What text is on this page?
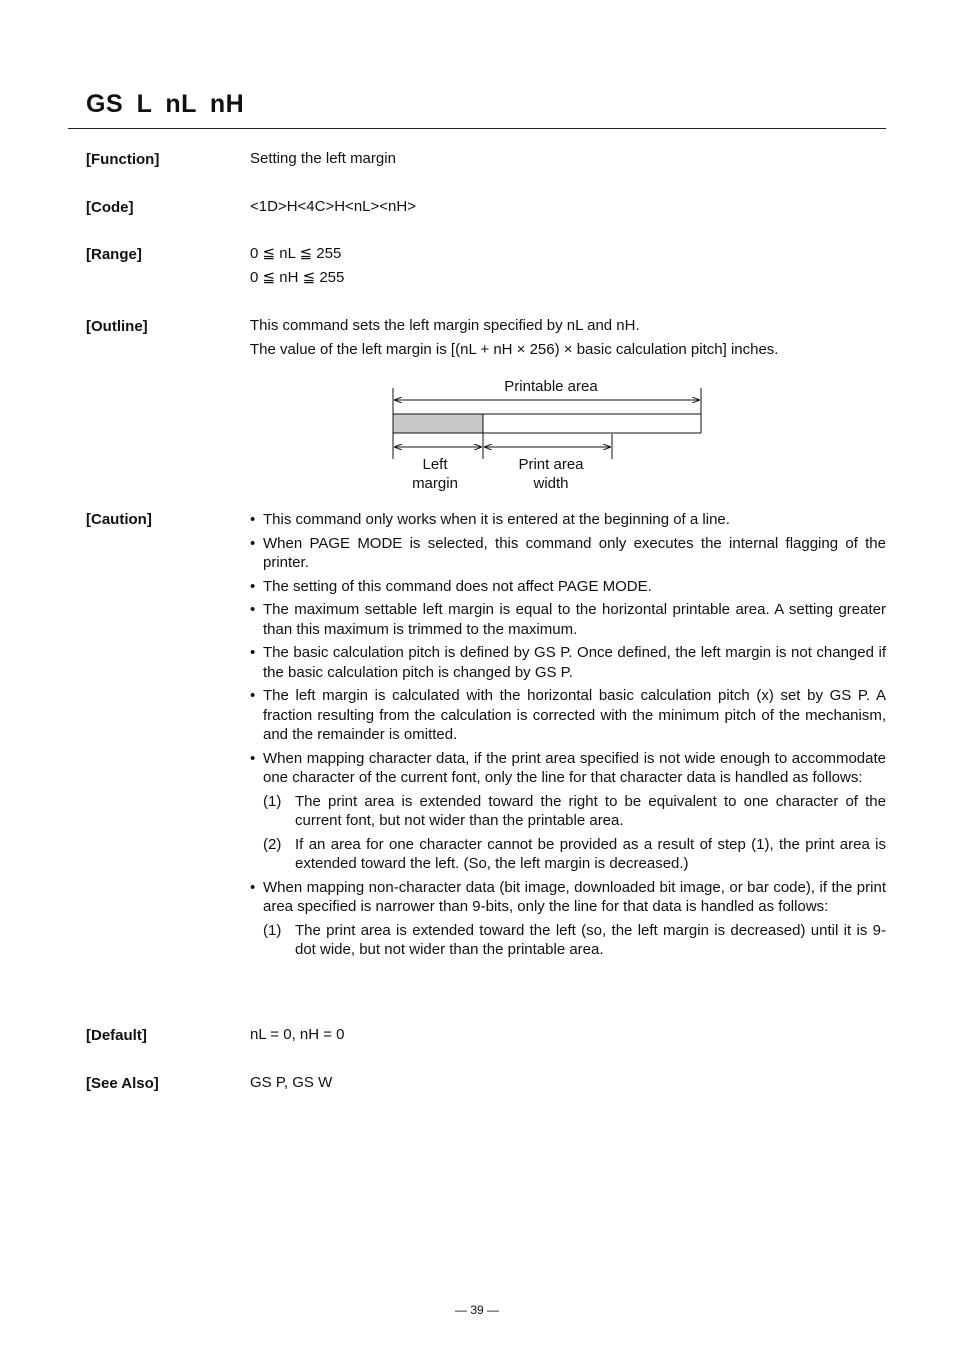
GS L nL nH
[Function]	Setting the left margin
[Code]	<1D>H<4C>H<nL><nH>
[Range]	0 ≦ nL ≦ 255
0 ≦ nH ≦ 255
[Outline]	This command sets the left margin specified by nL and nH.
The value of the left margin is [(nL + nH × 256) × basic calculation pitch] inches.
Printable area
Left
margin
Print area
width
[Caution]
•	This command only works when it is entered at the beginning of a line.
• When PAGE MODE is selected, this command only executes the internal flagging of the printer.
• The setting of this command does not affect PAGE MODE.
• The maximum settable left margin is equal to the horizontal printable area. A setting greater than this maximum is trimmed to the maximum.
• The basic calculation pitch is defined by GS P. Once defined, the left margin is not changed if the basic calculation pitch is changed by GS P.
• The left margin is calculated with the horizontal basic calculation pitch (x) set by GS P. A fraction resulting from the calculation is corrected with the minimum pitch of the mechanism, and the remainder is omitted.
• When mapping character data, if the print area specified is not wide enough to accommodate one character of the current font, only the line for that character data is handled as follows:
(1) The print area is extended toward the right to be equivalent to one character of the current font, but not wider than the printable area.
(2) If an area for one character cannot be provided as a result of step (1), the print area is extended toward the left. (So, the left margin is decreased.)
• When mapping non-character data (bit image, downloaded bit image, or bar code), if the print area specified is narrower than 9-bits, only the line for that data is handled as follows:
(1) The print area is extended toward the left (so, the left margin is decreased) until it is 9-dot wide, but not wider than the printable area.
[Default]	nL = 0, nH = 0
[See Also]	GS P, GS W
— 39 —
